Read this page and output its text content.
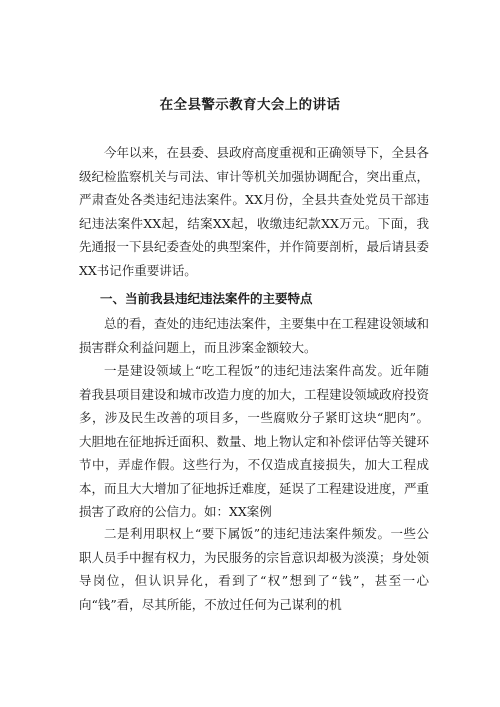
在全县警示教育大会上的讲话

今年以来，在县委、县政府高度重视和正确领导下，全县各级纪检监察机关与司法、审计等机关加强协调配合，突出重点，严肃查处各类违纪违法案件。XX月份，全县共查处党员干部违纪违法案件XX起，结案XX起，收缴违纪款XX万元。下面，我先通报一下县纪委查处的典型案件，并作简要剖析，最后请县委XX书记作重要讲话。

一、当前我县违纪违法案件的主要特点

总的看，查处的违纪违法案件，主要集中在工程建设领域和损害群众利益问题上，而且涉案金额较大。

一是建设领域上“吃工程饭”的违纪违法案件高发。近年随着我县项目建设和城市改造力度的加大，工程建设领域政府投资多，涉及民生改善的项目多，一些腐败分子紧盯这块“肥肉”。大胆地在征地拆迁面积、数量、地上物认定和补偿评估等关键环节中，弄虚作假。这些行为，不仅造成直接损失，加大工程成本，而且大大增加了征地拆迁难度，延误了工程建设进度，严重损害了政府的公信力。如：XX案例

二是利用职权上“要下属饭”的违纪违法案件频发。一些公职人员手中握有权力，为民服务的宗旨意识却极为淡漠；身处领导岗位，但认识异化，看到了“权”想到了“钱”，甚至一心向“钱”看，尽其所能，不放过任何为己谋利的机
